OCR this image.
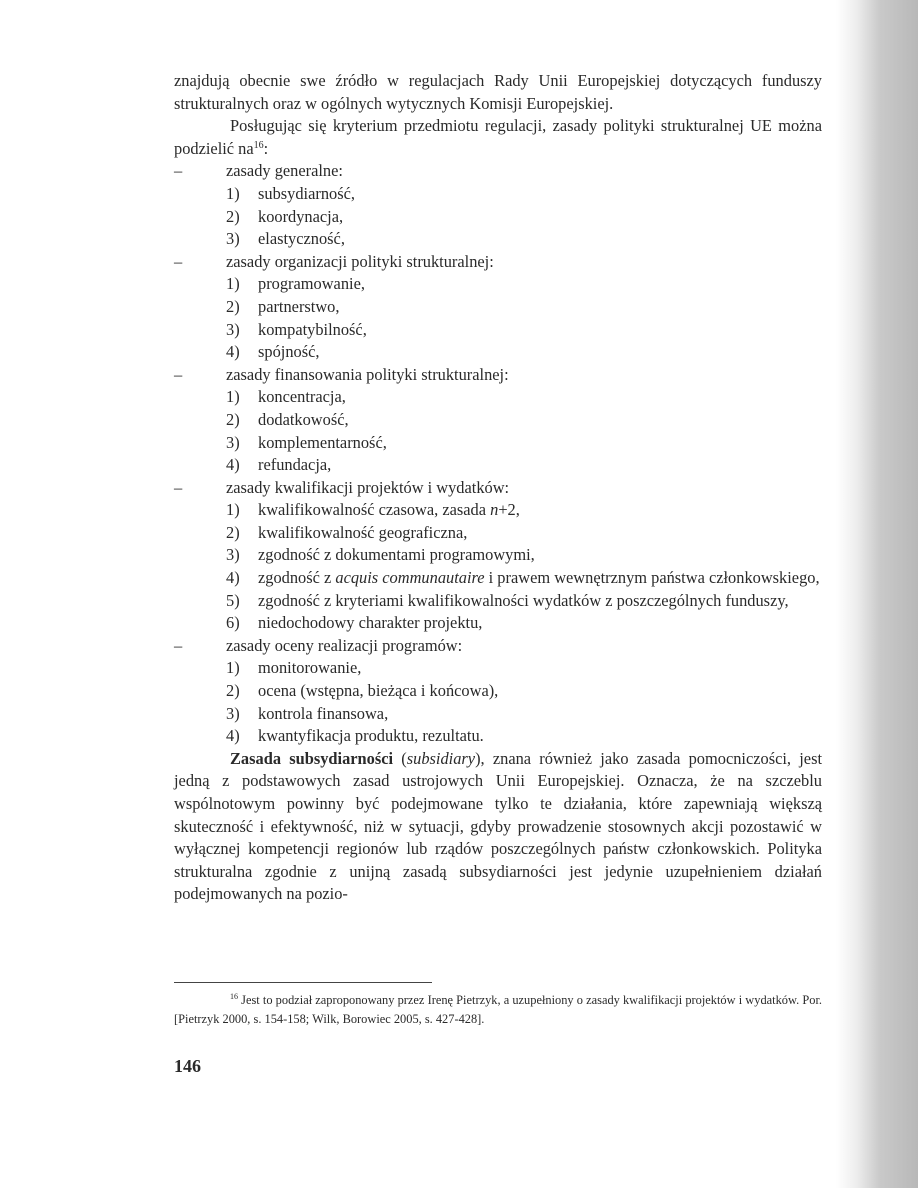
znajdują obecnie swe źródło w regulacjach Rady Unii Europejskiej dotyczących funduszy strukturalnych oraz w ogólnych wytycznych Komisji Europejskiej.

Posługując się kryterium przedmiotu regulacji, zasady polityki strukturalnej UE można podzielić $na^{16}$:

–	zasady generalne:
1)	subsydiarność,
2)	koordynacja,
3)	elastyczność,
–	zasady organizacji polityki strukturalnej:
1)	programowanie,
2)	partnerstwo,
3)	kompatybilność,
4)	spójność,
–	zasady finansowania polityki strukturalnej:
1)	koncentracja,
2)	dodatkowość,
3)	komplementarność,
4)	refundacja,
–	zasady kwalifikacji projektów i wydatków:
1)	kwalifikowalność czasowa, zasada n+2,
2)	kwalifikowalność geograficzna,
3)	zgodność z dokumentami programowymi,
4)	zgodność z acquis communautaire i prawem wewnętrznym państwa członkowskiego,
5)	zgodność z kryteriami kwalifikowalności wydatków z poszczególnych funduszy,
6)	niedochodowy charakter projektu,
–	zasady oceny realizacji programów:
1)	monitorowanie,
2)	ocena (wstępna, bieżąca i końcowa),
3)	kontrola finansowa,
4)	kwantyfikacja produktu, rezultatu.

Zasada subsydiarności (subsidiary), znana również jako zasada pomocniczości, jest jedną z podstawowych zasad ustrojowych Unii Europejskiej. Oznacza, że na szczeblu wspólnotowym powinny być podejmowane tylko te działania, które zapewniają większą skuteczność i efektywność, niż w sytuacji, gdyby prowadzenie stosownych akcji pozostawić w wyłącznej kompetencji regionów lub rządów poszczególnych państw członkowskich. Polityka strukturalna zgodnie z unijną zasadą subsydiarności jest jedynie uzupełnieniem działań podejmowanych na pozio-

$^{16}$ Jest to podział zaproponowany przez Irenę Pietrzyk, a uzupełniony o zasady kwalifikacji projektów i wydatków. Por. [Pietrzyk 2000, s. 154-158; Wilk, Borowiec 2005, s. 427-428].
146
